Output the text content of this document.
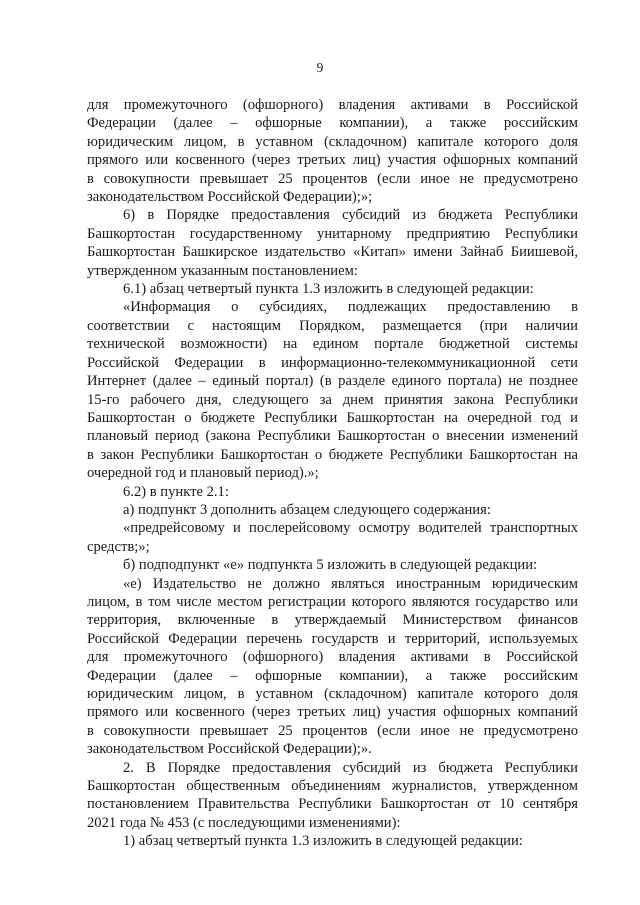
9
для промежуточного (офшорного) владения активами в Российской
Федерации (далее – офшорные компании), а также российским
юридическим лицом, в уставном (складочном) капитале которого доля
прямого или косвенного (через третьих лиц) участия офшорных компаний
в совокупности превышает 25 процентов (если иное не предусмотрено
законодательством Российской Федерации);»;
6) в Порядке предоставления субсидий из бюджета Республики
Башкортостан государственному унитарному предприятию Республики
Башкортостан Башкирское издательство «Китап» имени Зайнаб Биишевой,
утвержденном указанным постановлением:
6.1) абзац четвертый пункта 1.3 изложить в следующей редакции:
«Информация о субсидиях, подлежащих предоставлению в
соответствии с настоящим Порядком, размещается (при наличии
технической возможности) на едином портале бюджетной системы
Российской Федерации в информационно-телекоммуникационной сети
Интернет (далее – единый портал) (в разделе единого портала) не позднее
15-го рабочего дня, следующего за днем принятия закона Республики
Башкортостан о бюджете Республики Башкортостан на очередной год и
плановый период (закона Республики Башкортостан о внесении изменений
в закон Республики Башкортостан о бюджете Республики Башкортостан на
очередной год и плановый период).»;
6.2) в пункте 2.1:
а) подпункт 3 дополнить абзацем следующего содержания:
«предрейсовому и послерейсовому осмотру водителей транспортных
средств;»;
б) подподпункт «е» подпункта 5 изложить в следующей редакции:
«е) Издательство не должно являться иностранным юридическим
лицом, в том числе местом регистрации которого являются государство или
территория, включенные в утверждаемый Министерством финансов
Российской Федерации перечень государств и территорий, используемых
для промежуточного (офшорного) владения активами в Российской
Федерации (далее – офшорные компании), а также российским
юридическим лицом, в уставном (складочном) капитале которого доля
прямого или косвенного (через третьих лиц) участия офшорных компаний
в совокупности превышает 25 процентов (если иное не предусмотрено
законодательством Российской Федерации);».
2. В Порядке предоставления субсидий из бюджета Республики
Башкортостан общественным объединениям журналистов, утвержденном
постановлением Правительства Республики Башкортостан от 10 сентября
2021 года № 453 (с последующими изменениями):
1) абзац четвертый пункта 1.3 изложить в следующей редакции:
